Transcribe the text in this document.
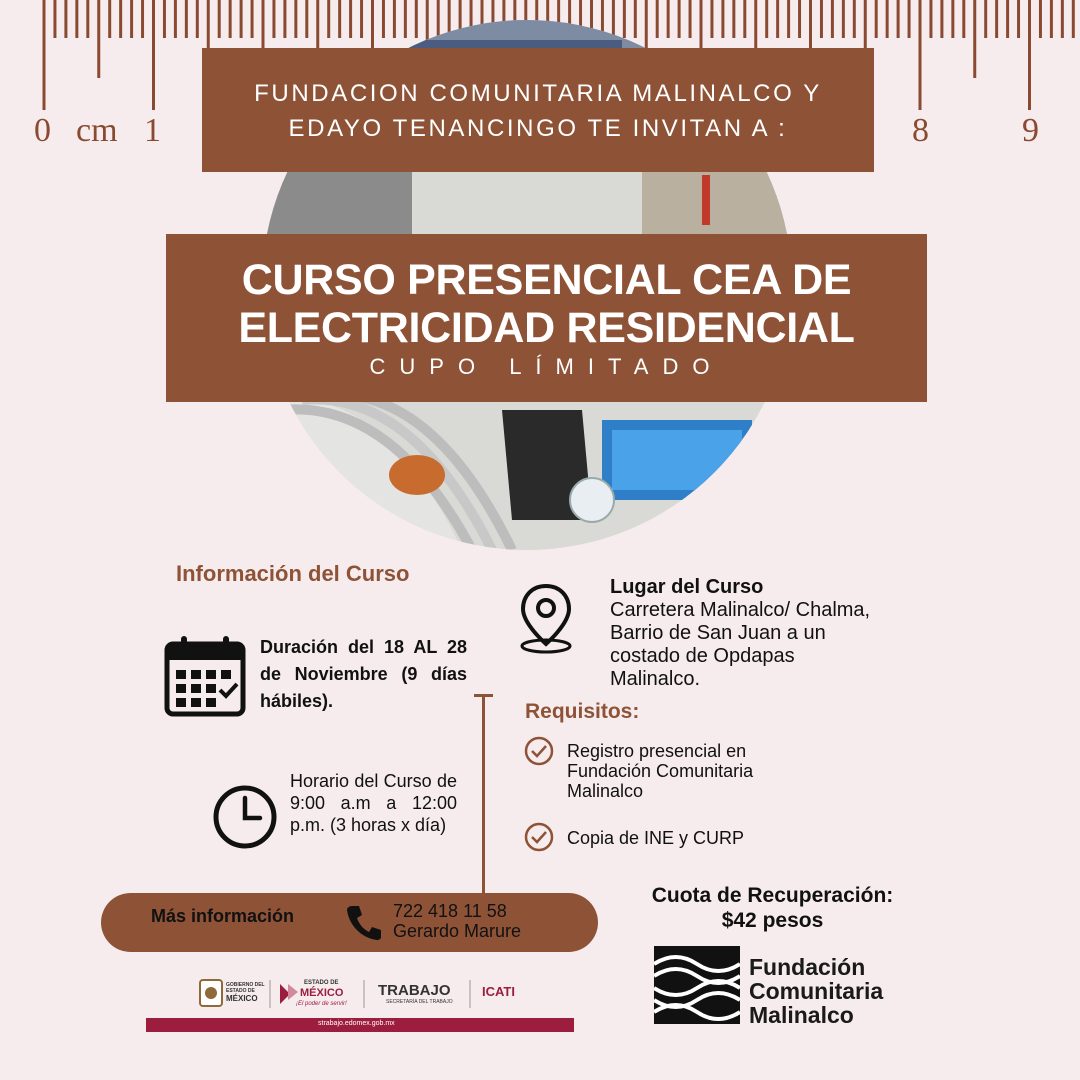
0 cm 1	8	9
FUNDACION COMUNITARIA MALINALCO Y
EDAYO TENANCINGO TE INVITAN A :
CURSO PRESENCIAL CEA DE
ELECTRICIDAD RESIDENCIAL
CUPO LÍMITADO
Información del Curso
Duración del 18 AL 28 de Noviembre (9 días hábiles).
Horario del Curso de 9:00 a.m a 12:00 p.m. (3 horas x día)
Lugar del Curso
Carretera Malinalco/ Chalma, Barrio de San Juan a un costado de Opdapas Malinalco.
Requisitos:
Registro presencial en Fundación Comunitaria Malinalco
Copia de INE y CURP
Más información	722 418 11 58
Gerardo Marure
Cuota de Recuperación:
$42 pesos
Fundación
Comunitaria
Malinalco
GOBIERNO DEL
ESTADO DE
MÉXICO
ESTADO DE
MÉXICO
¡El poder de servir!
TRABAJO
SECRETARÍA DEL TRABAJO
ICATI
strabajo.edomex.gob.mx
